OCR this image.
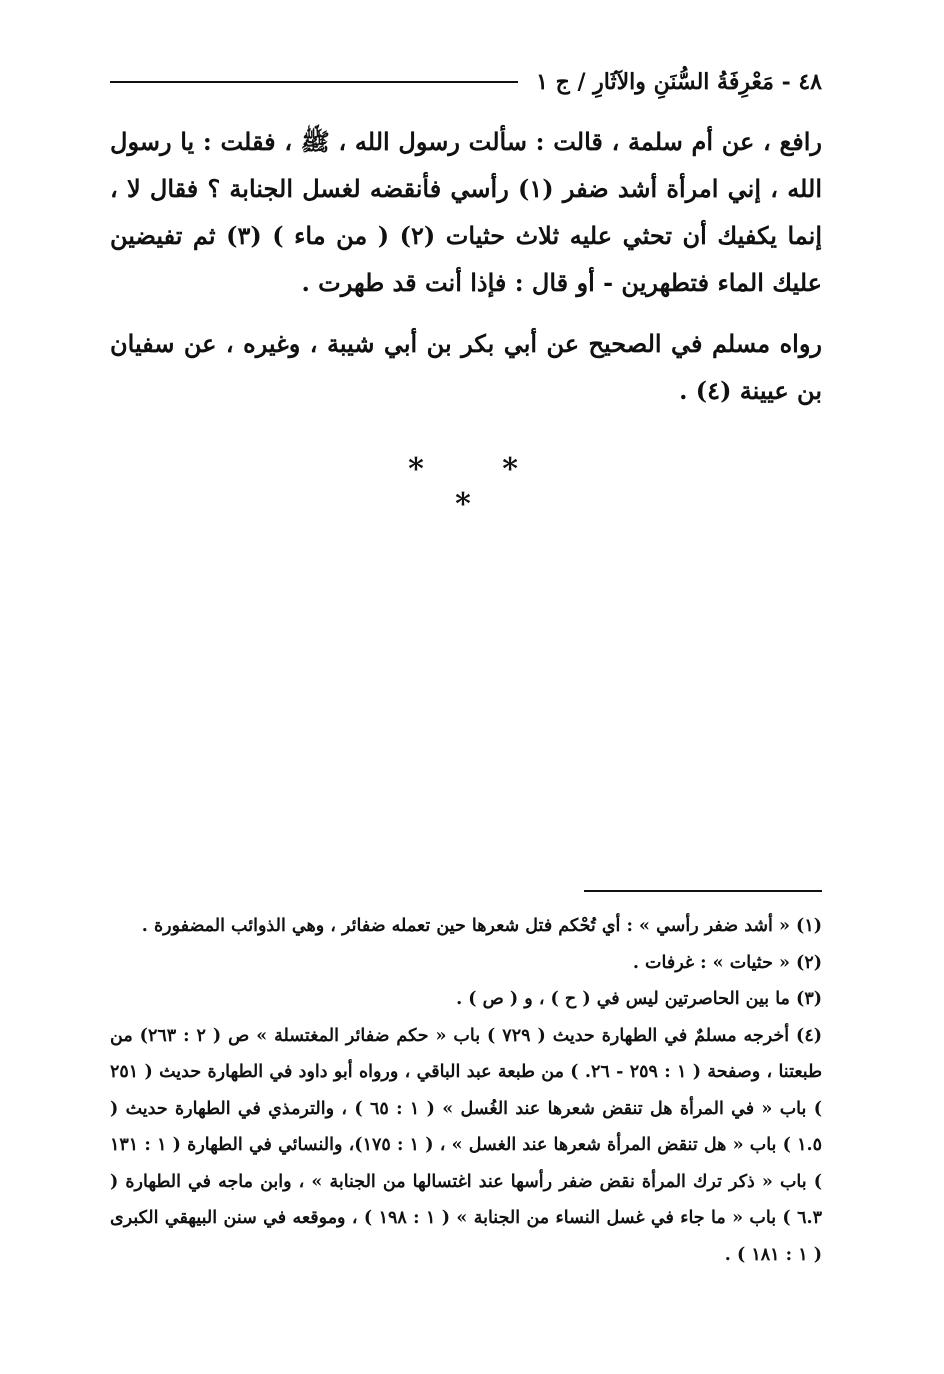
٤٨ - مَعْرِفَةُ السُّنَنِ والآثَارِ / ج ١

رافع ، عن أم سلمة ، قالت : سألت رسول الله ، ﷺ ، فقلت : يا رسول الله ، إني امرأة أشد ضفر (١) رأسي فأنقضه لغسل الجنابة ؟ فقال لا ، إنما يكفيك أن تحثي عليه ثلاث حثيات (٢) ( من ماء ) (٣) ثم تفيضين عليك الماء فتطهرين - أو قال : فإذا أنت قد طهرت .

رواه مسلم في الصحيح عن أبي بكر بن أبي شيبة ، وغيره ، عن سفيان بن عيينة (٤) .

* * *

(١) « أشد ضفر رأسي » : أي تُحْكم فتل شعرها حين تعمله ضفائر ، وهي الذوائب المضفورة .

(٢) « حثيات » : غرفات .

(٣) ما بين الحاصرتين ليس في ( ح ) ، و ( ص ) .

(٤) أخرجه مسلمٌ في الطهارة حديث ( ٧٢٩ ) باب « حكم ضفائر المغتسلة » ص ( ٢ : ٢٦٣) من طبعتنا ، وصفحة ( ١ : ٢٥٩ - ٢٦. ) من طبعة عبد الباقي ، ورواه أبو داود في الطهارة حديث ( ٢٥١ ) باب « في المرأة هل تنقض شعرها عند الغُسل » ( ١ : ٦٥ ) ، والترمذي في الطهارة حديث ( ١.٥ ) باب « هل تنقض المرأة شعرها عند الغسل » ، ( ١ : ١٧٥)، والنسائي في الطهارة ( ١ : ١٣١ ) باب « ذكر ترك المرأة نقض ضفر رأسها عند اغتسالها من الجنابة » ، وابن ماجه في الطهارة ( ٦.٣ ) باب « ما جاء في غسل النساء من الجنابة » ( ١ : ١٩٨ ) ، وموقعه في سنن البيهقي الكبرى ( ١ : ١٨١ ) .
